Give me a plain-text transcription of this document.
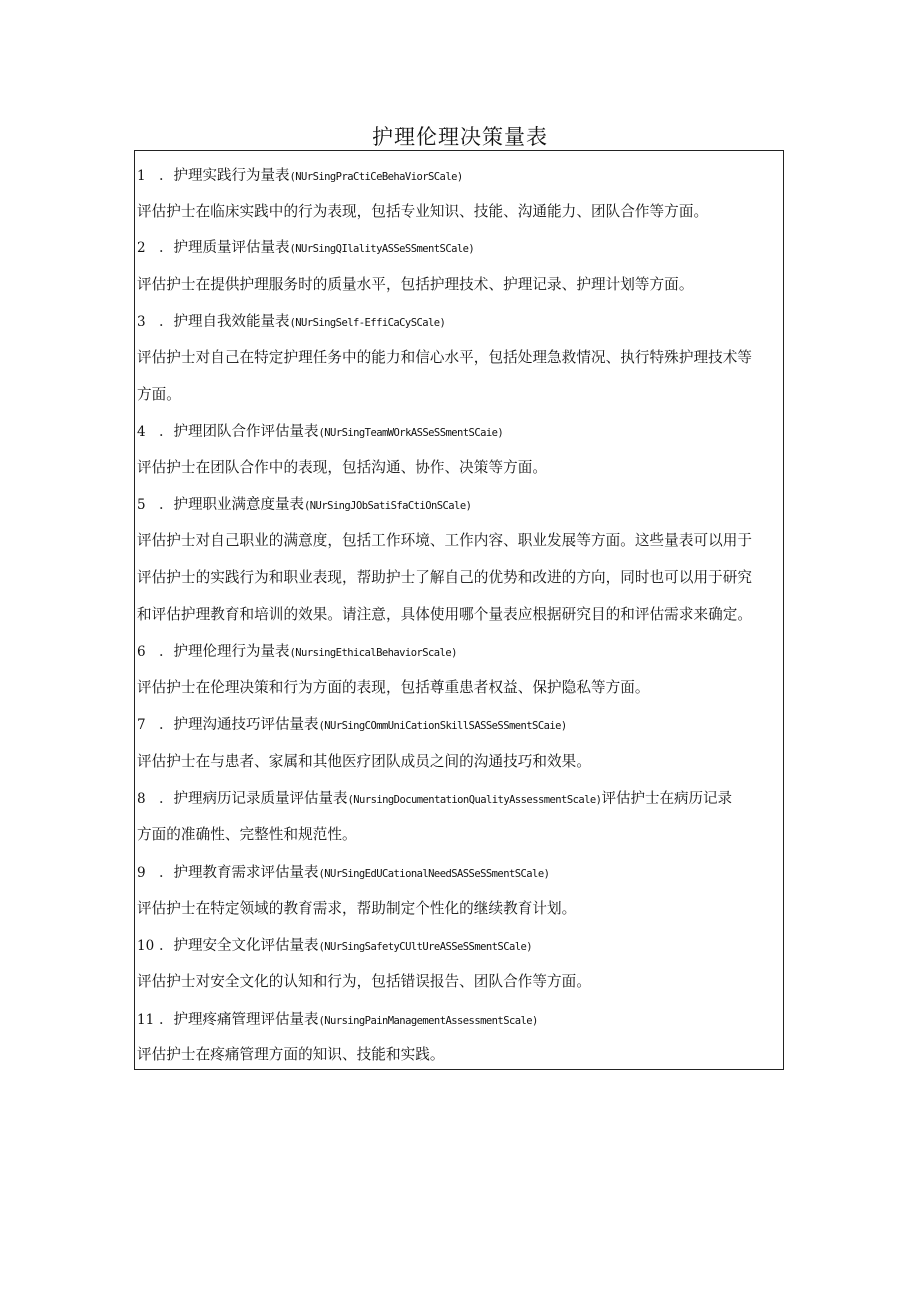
护理伦理决策量表
1 ．护理实践行为量表(NUrSingPraCtiCeBehaViorSCale)
评估护士在临床实践中的行为表现，包括专业知识、技能、沟通能力、团队合作等方面。
2 ．护理质量评估量表(NUrSingQIlalityASSeSSmentSCale)
评估护士在提供护理服务时的质量水平，包括护理技术、护理记录、护理计划等方面。
3 ．护理自我效能量表(NUrSingSelf-EffiCaCySCale)
评估护士对自己在特定护理任务中的能力和信心水平，包括处理急救情况、执行特殊护理技术等
方面。
4 ．护理团队合作评估量表(NUrSingTeamWOrkASSeSSmentSCaie)
评估护士在团队合作中的表现，包括沟通、协作、决策等方面。
5 ．护理职业满意度量表(NUrSingJObSatiSfaCtiOnSCale)
评估护士对自己职业的满意度，包括工作环境、工作内容、职业发展等方面。这些量表可以用于
评估护士的实践行为和职业表现，帮助护士了解自己的优势和改进的方向，同时也可以用于研究
和评估护理教育和培训的效果。请注意，具体使用哪个量表应根据研究目的和评估需求来确定。
6 ．护理伦理行为量表(NursingEthicalBehaviorScale)
评估护士在伦理决策和行为方面的表现，包括尊重患者权益、保护隐私等方面。
7 ．护理沟通技巧评估量表(NUrSingCOmmUniCationSkillSASSeSSmentSCaie)
评估护士在与患者、家属和其他医疗团队成员之间的沟通技巧和效果。
8 ．护理病历记录质量评估量表(NursingDocumentationQualityAssessmentScale)评估护士在病历记录
方面的准确性、完整性和规范性。
9 ．护理教育需求评估量表(NUrSingEdUCationalNeedSASSeSSmentSCale)
评估护士在特定领域的教育需求，帮助制定个性化的继续教育计划。
10 ．护理安全文化评估量表(NUrSingSafetyCUltUreASSeSSmentSCale)
评估护士对安全文化的认知和行为，包括错误报告、团队合作等方面。
11 ．护理疼痛管理评估量表(NursingPainManagementAssessmentScale)
评估护士在疼痛管理方面的知识、技能和实践。
